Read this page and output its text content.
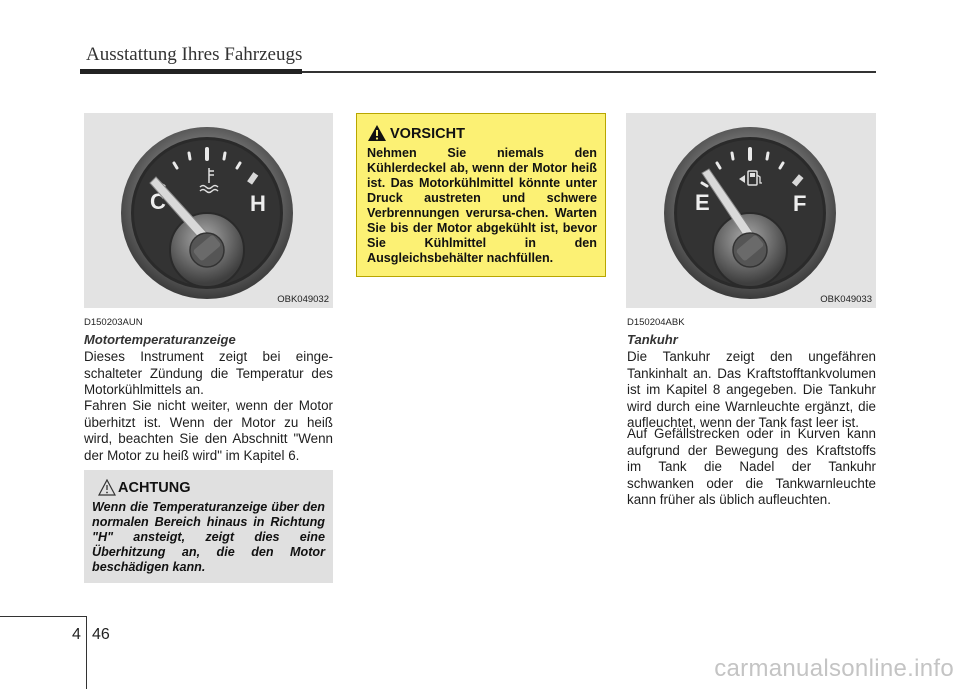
Ausstattung Ihres Fahrzeugs
C	H
OBK049032
D150203AUN
Motortemperaturanzeige
Dieses Instrument zeigt bei einge-schalteter Zündung die Temperatur des Motorkühlmittels an.
Fahren Sie nicht weiter, wenn der Motor überhitzt ist. Wenn der Motor zu heiß wird, beachten Sie den Abschnitt "Wenn der Motor zu heiß wird" im Kapitel 6.
ACHTUNG
Wenn die Temperaturanzeige über den normalen Bereich hinaus in Richtung "H" ansteigt, zeigt dies eine Überhitzung an, die den Motor beschädigen kann.
VORSICHT
Nehmen Sie niemals den Kühlerdeckel ab, wenn der Motor heiß ist. Das Motorkühlmittel könnte unter Druck austreten und schwere Verbrennungen verursa-chen. Warten Sie bis der Motor abgekühlt ist, bevor Sie Kühlmittel in den Ausgleichsbehälter nachfüllen.
E	F
OBK049033
D150204ABK
Tankuhr
Die Tankuhr zeigt den ungefähren Tankinhalt an. Das Kraftstofftankvolumen ist im Kapitel 8 angegeben. Die Tankuhr wird durch eine Warnleuchte ergänzt, die aufleuchtet, wenn der Tank fast leer ist.
Auf Gefällstrecken oder in Kurven kann aufgrund der Bewegung des Kraftstoffs im Tank die Nadel der Tankuhr schwanken oder die Tankwarnleuchte kann früher als üblich aufleuchten.
4 46
carmanualsonline.info
